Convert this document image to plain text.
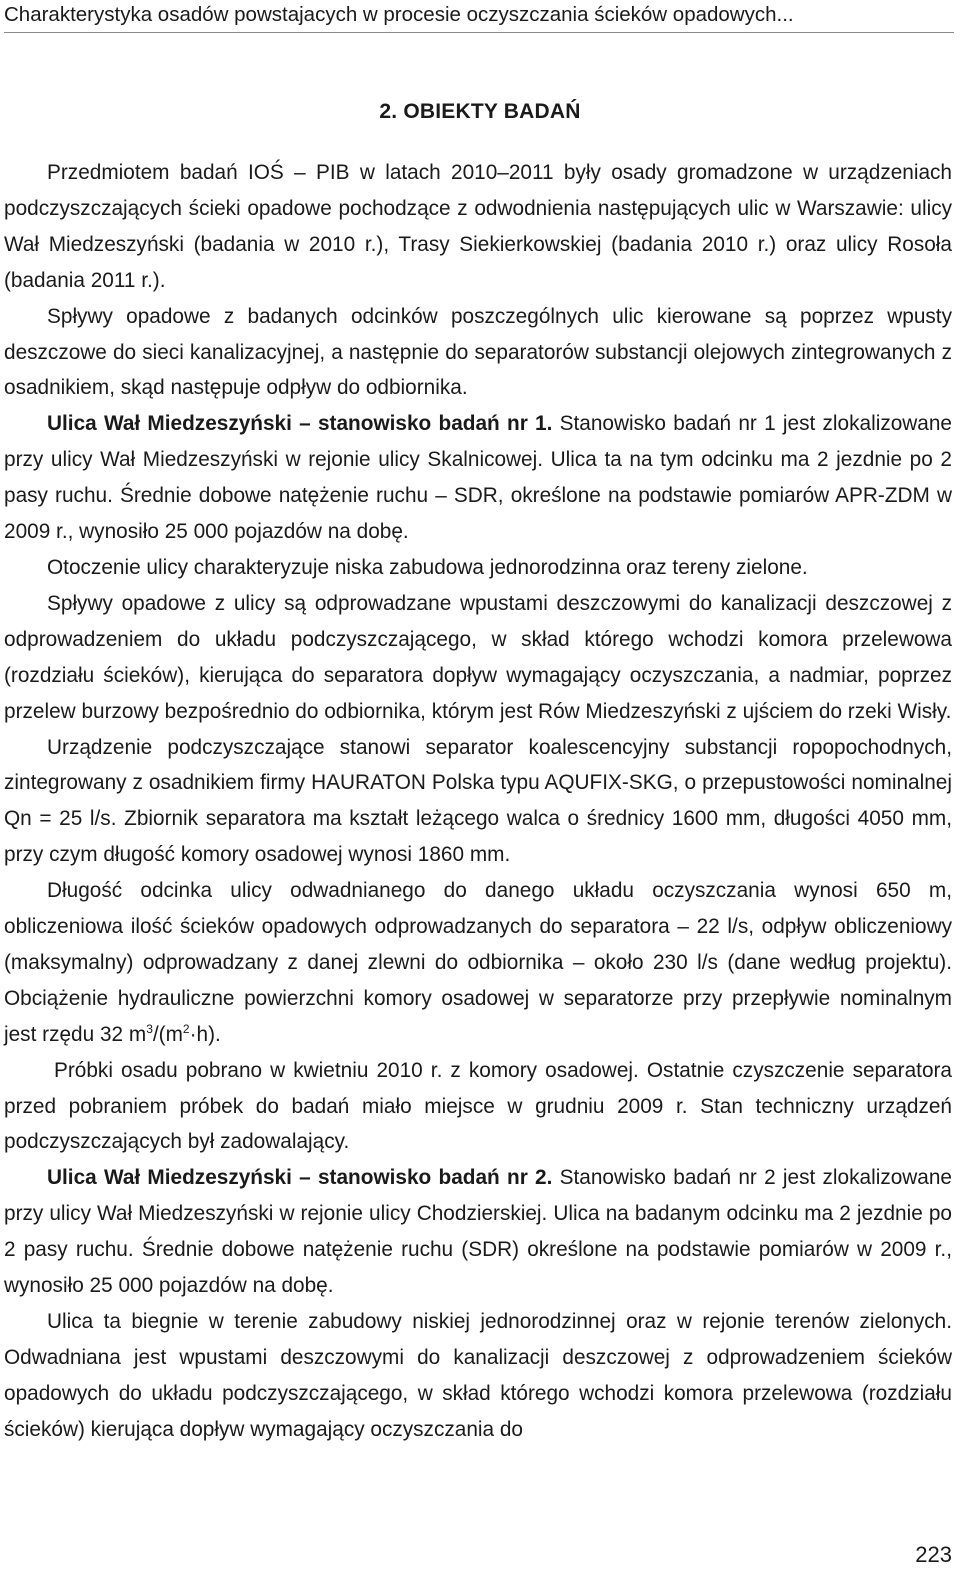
Charakterystyka osadów powstajacych w procesie oczyszczania ścieków opadowych...
2. OBIEKTY BADAŃ

Przedmiotem badań IOŚ – PIB w latach 2010–2011 były osady gromadzone w urządzeniach podczyszczających ścieki opadowe pochodzące z odwodnienia następujących ulic w Warszawie: ulicy Wał Miedzeszyński (badania w 2010 r.), Trasy Siekierkowskiej (badania 2010 r.) oraz ulicy Rosoła (badania 2011 r.).

Spływy opadowe z badanych odcinków poszczególnych ulic kierowane są poprzez wpusty deszczowe do sieci kanalizacyjnej, a następnie do separatorów substancji olejowych zintegrowanych z osadnikiem, skąd następuje odpływ do odbiornika.

Ulica Wał Miedzeszyński – stanowisko badań nr 1. Stanowisko badań nr 1 jest zlokalizowane przy ulicy Wał Miedzeszyński w rejonie ulicy Skalnicowej. Ulica ta na tym odcinku ma 2 jezdnie po 2 pasy ruchu. Średnie dobowe natężenie ruchu – SDR, określone na podstawie pomiarów APR-ZDM w 2009 r., wynosiło 25 000 pojazdów na dobę.

Otoczenie ulicy charakteryzuje niska zabudowa jednorodzinna oraz tereny zielone.

Spływy opadowe z ulicy są odprowadzane wpustami deszczowymi do kanalizacji deszczowej z odprowadzeniem do układu podczyszczającego, w skład którego wchodzi komora przelewowa (rozdziału ścieków), kierująca do separatora dopływ wymagający oczyszczania, a nadmiar, poprzez przelew burzowy bezpośrednio do odbiornika, którym jest Rów Miedzeszyński z ujściem do rzeki Wisły.

Urządzenie podczyszczające stanowi separator koalescencyjny substancji ropopochodnych, zintegrowany z osadnikiem firmy HAURATON Polska typu AQUFIX-SKG, o przepustowości nominalnej Qn = 25 l/s. Zbiornik separatora ma kształt leżącego walca o średnicy 1600 mm, długości 4050 mm, przy czym długość komory osadowej wynosi 1860 mm.

Długość odcinka ulicy odwadnianego do danego układu oczyszczania wynosi 650 m, obliczeniowa ilość ścieków opadowych odprowadzanych do separatora – 22 l/s, odpływ obliczeniowy (maksymalny) odprowadzany z danej zlewni do odbiornika – około 230 l/s (dane według projektu). Obciążenie hydrauliczne powierzchni komory osadowej w separatorze przy przepływie nominalnym jest rzędu 32 $m^3/(m^2\cdot h)$.

Próbki osadu pobrano w kwietniu 2010 r. z komory osadowej. Ostatnie czyszczenie separatora przed pobraniem próbek do badań miało miejsce w grudniu 2009 r. Stan techniczny urządzeń podczyszczających był zadowalający.

Ulica Wał Miedzeszyński – stanowisko badań nr 2. Stanowisko badań nr 2 jest zlokalizowane przy ulicy Wał Miedzeszyński w rejonie ulicy Chodzierskiej. Ulica na badanym odcinku ma 2 jezdnie po 2 pasy ruchu. Średnie dobowe natężenie ruchu (SDR) określone na podstawie pomiarów w 2009 r., wynosiło 25 000 pojazdów na dobę.

Ulica ta biegnie w terenie zabudowy niskiej jednorodzinnej oraz w rejonie terenów zielonych. Odwadniana jest wpustami deszczowymi do kanalizacji deszczowej z odprowadzeniem ścieków opadowych do układu podczyszczającego, w skład którego wchodzi komora przelewowa (rozdziału ścieków) kierująca dopływ wymagający oczyszczania do

223
